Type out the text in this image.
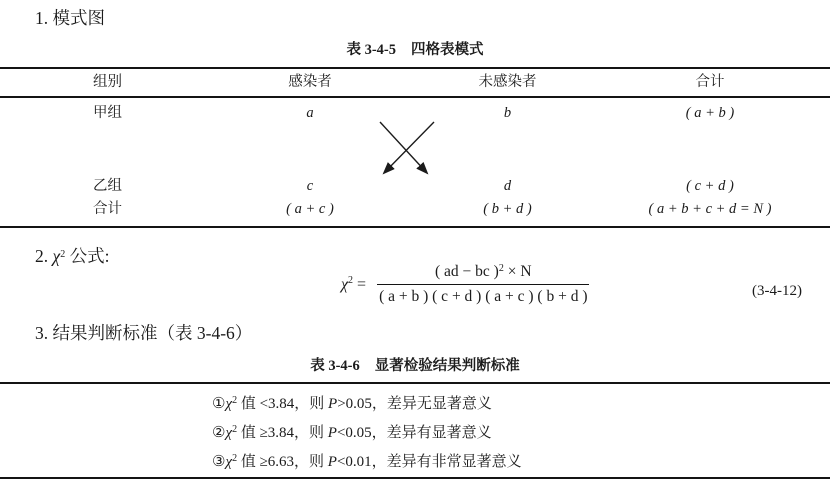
1. 模式图
表 3-4-5 四格表模式
组别	感染者	未感染者	合计
甲组	a	b	( a + b )
乙组	c	d	( c + d )
合计	( a + c )	( b + d )	( a + b + c + d = N )
2. $\chi^2$ 公式:
$\chi^2 = \frac{( ad - bc )^2 \times N}{( a + b ) ( c + d ) ( a + c ) ( b + d )}$	(3-4-12)
3. 结果判断标准（表 3-4-6）
表 3-4-6 显著检验结果判断标准
$①\chi^2$ 值 <3.84，则 P>0.05，差异无显著意义
$②\chi^2$ 值 ≥3.84，则 P<0.05，差异有显著意义
$③\chi^2$ 值 ≥6.63，则 P<0.01，差异有非常显著意义
